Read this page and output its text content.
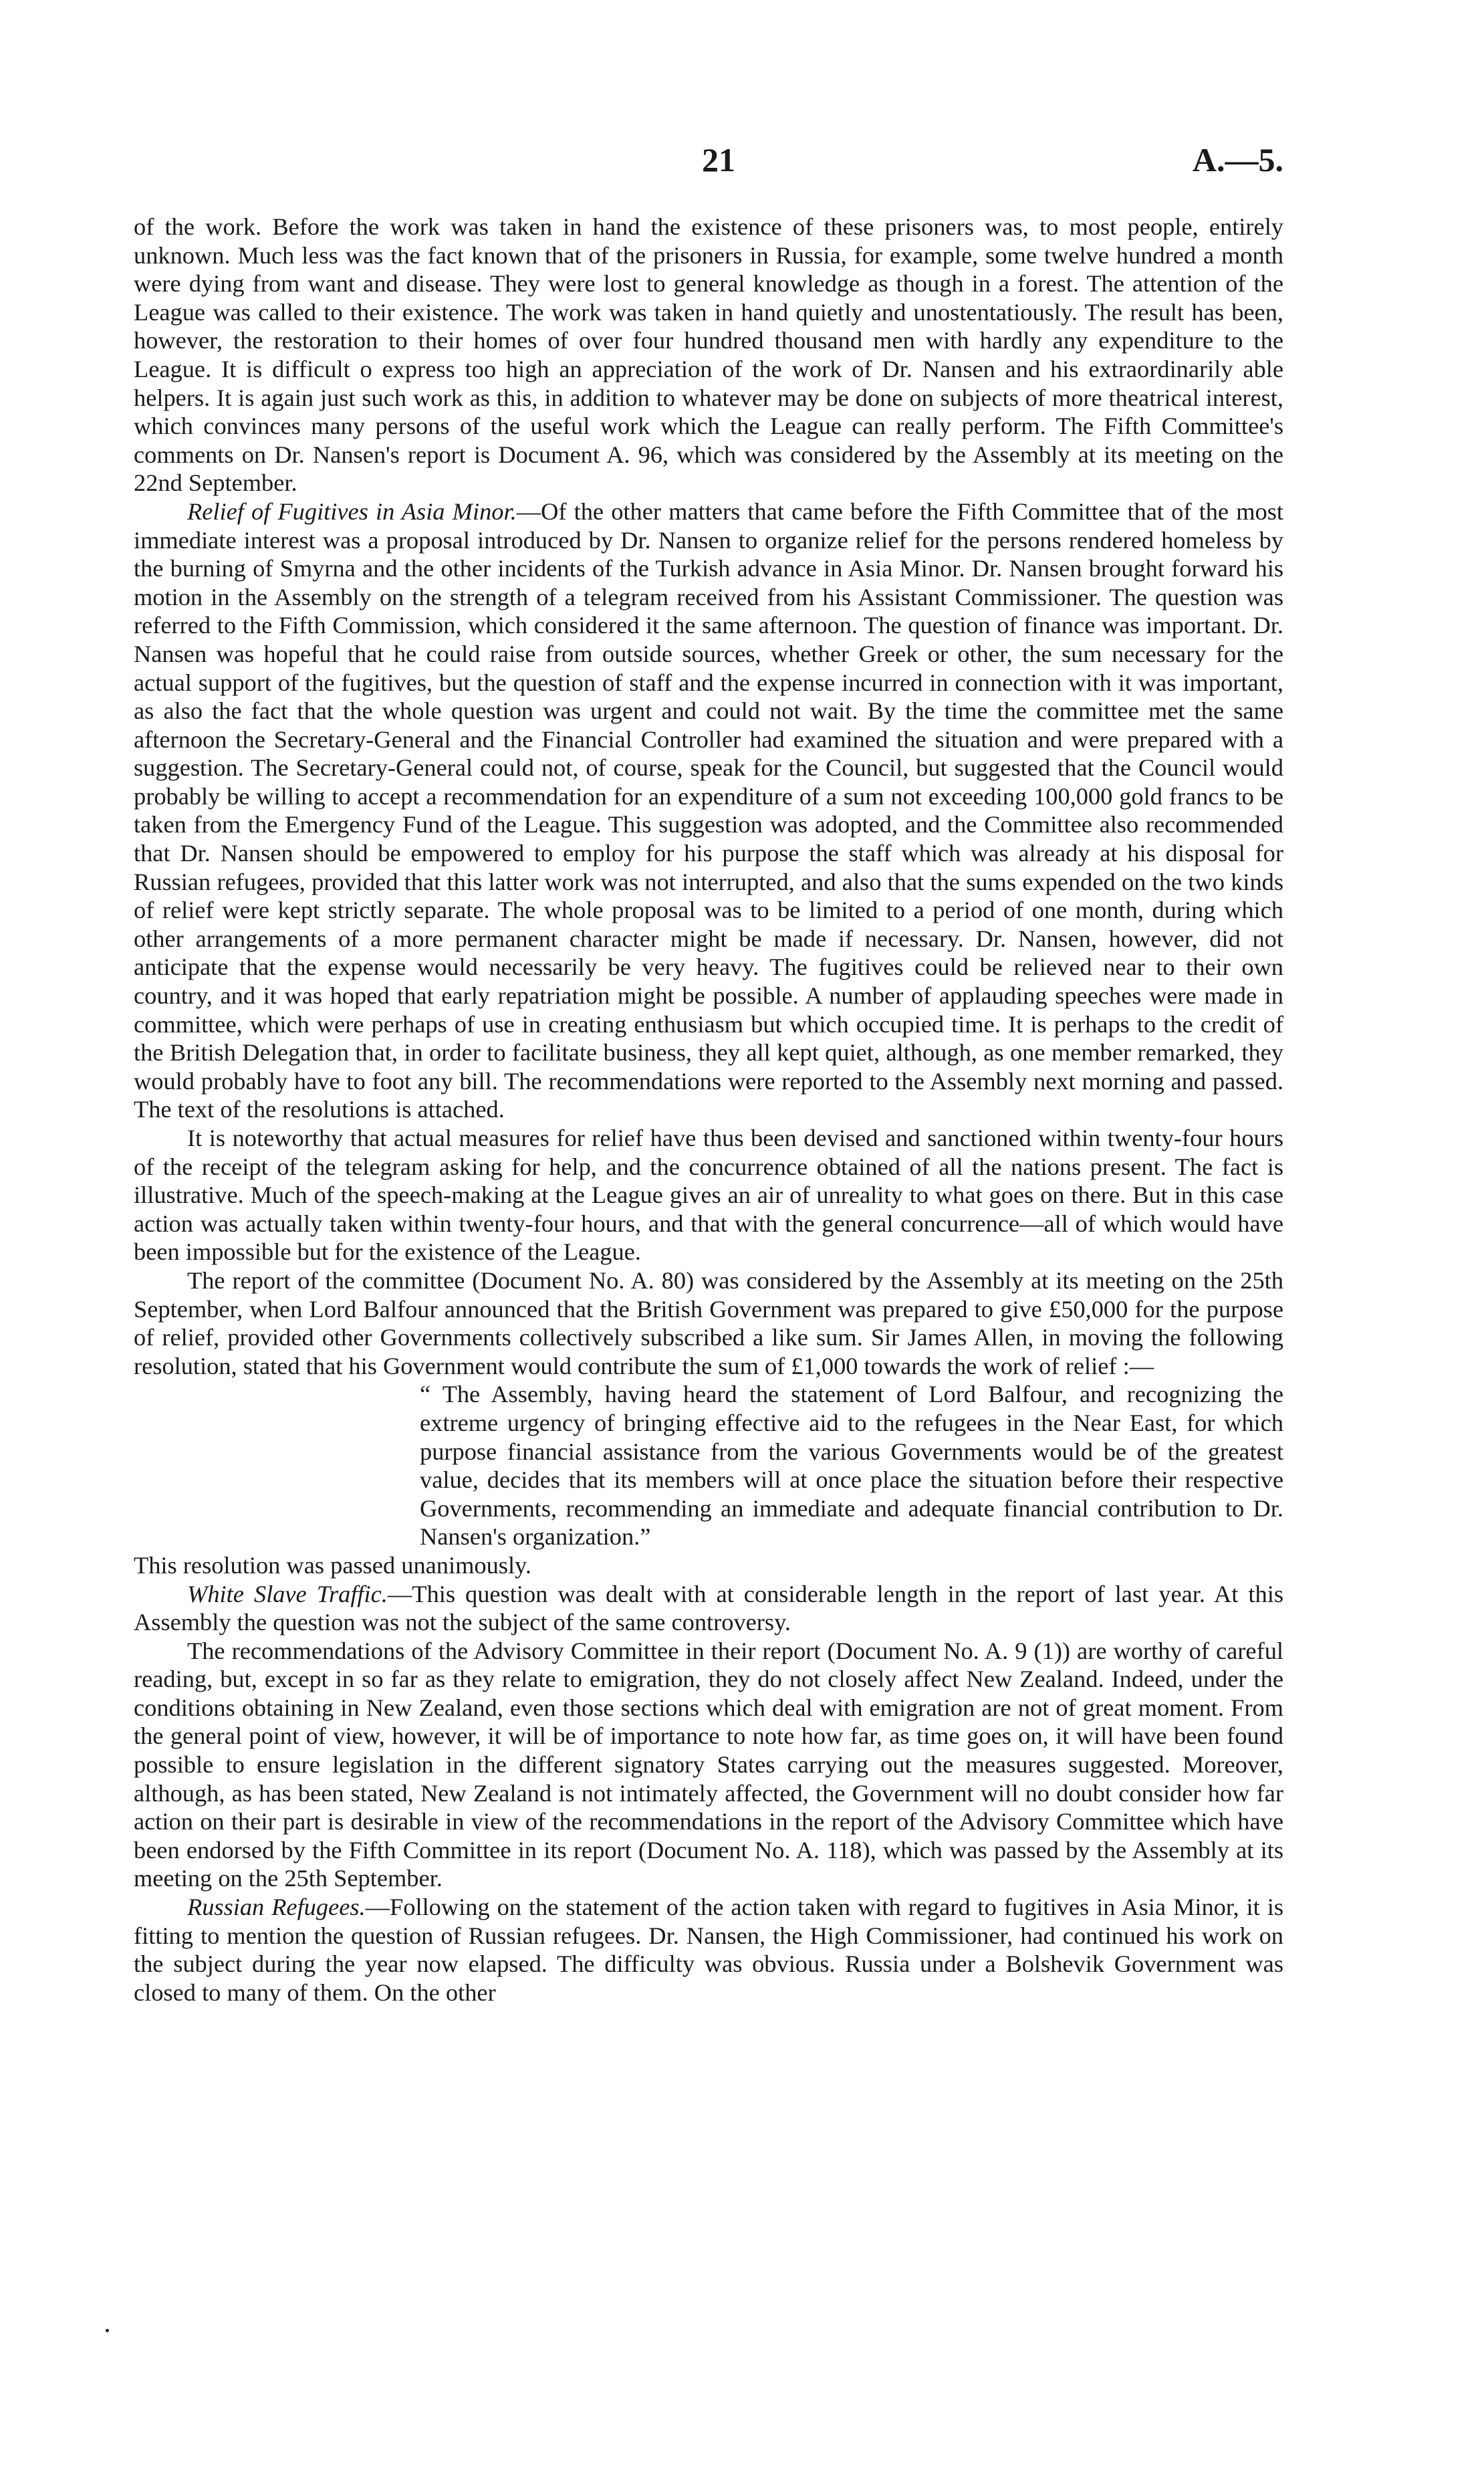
21	A.—5.

of the work. Before the work was taken in hand the existence of these prisoners was, to most people, entirely unknown. Much less was the fact known that of the prisoners in Russia, for example, some twelve hundred a month were dying from want and disease. They were lost to general knowledge as though in a forest. The attention of the League was called to their existence. The work was taken in hand quietly and unostentatiously. The result has been, however, the restoration to their homes of over four hundred thousand men with hardly any expenditure to the League. It is difficult o express too high an appreciation of the work of Dr. Nansen and his extraordinarily able helpers. It is again just such work as this, in addition to whatever may be done on subjects of more theatrical interest, which convinces many persons of the useful work which the League can really perform. The Fifth Committee's comments on Dr. Nansen's report is Document A. 96, which was considered by the Assembly at its meeting on the 22nd September.

Relief of Fugitives in Asia Minor.—Of the other matters that came before the Fifth Committee that of the most immediate interest was a proposal introduced by Dr. Nansen to organize relief for the persons rendered homeless by the burning of Smyrna and the other incidents of the Turkish advance in Asia Minor. Dr. Nansen brought forward his motion in the Assembly on the strength of a telegram received from his Assistant Commissioner. The question was referred to the Fifth Commission, which considered it the same afternoon. The question of finance was important. Dr. Nansen was hopeful that he could raise from outside sources, whether Greek or other, the sum necessary for the actual support of the fugitives, but the question of staff and the expense incurred in connection with it was important, as also the fact that the whole question was urgent and could not wait. By the time the committee met the same afternoon the Secretary-General and the Financial Controller had examined the situation and were prepared with a suggestion. The Secretary-General could not, of course, speak for the Council, but suggested that the Council would probably be willing to accept a recommendation for an expenditure of a sum not exceeding 100,000 gold francs to be taken from the Emergency Fund of the League. This suggestion was adopted, and the Committee also recommended that Dr. Nansen should be empowered to employ for his purpose the staff which was already at his disposal for Russian refugees, provided that this latter work was not interrupted, and also that the sums expended on the two kinds of relief were kept strictly separate. The whole proposal was to be limited to a period of one month, during which other arrangements of a more permanent character might be made if necessary. Dr. Nansen, however, did not anticipate that the expense would necessarily be very heavy. The fugitives could be relieved near to their own country, and it was hoped that early repatriation might be possible. A number of applauding speeches were made in committee, which were perhaps of use in creating enthusiasm but which occupied time. It is perhaps to the credit of the British Delegation that, in order to facilitate business, they all kept quiet, although, as one member remarked, they would probably have to foot any bill. The recommendations were reported to the Assembly next morning and passed. The text of the resolutions is attached.

It is noteworthy that actual measures for relief have thus been devised and sanctioned within twenty-four hours of the receipt of the telegram asking for help, and the concurrence obtained of all the nations present. The fact is illustrative. Much of the speech-making at the League gives an air of unreality to what goes on there. But in this case action was actually taken within twenty-four hours, and that with the general concurrence—all of which would have been impossible but for the existence of the League.

The report of the committee (Document No. A. 80) was considered by the Assembly at its meeting on the 25th September, when Lord Balfour announced that the British Government was prepared to give £50,000 for the purpose of relief, provided other Governments collectively subscribed a like sum. Sir James Allen, in moving the following resolution, stated that his Government would contribute the sum of £1,000 towards the work of relief :—

“ The Assembly, having heard the statement of Lord Balfour, and recognizing the extreme urgency of bringing effective aid to the refugees in the Near East, for which purpose financial assistance from the various Governments would be of the greatest value, decides that its members will at once place the situation before their respective Governments, recommending an immediate and adequate financial contribution to Dr. Nansen's organization.”

This resolution was passed unanimously.

White Slave Traffic.—This question was dealt with at considerable length in the report of last year. At this Assembly the question was not the subject of the same controversy.

The recommendations of the Advisory Committee in their report (Document No. A. 9 (1)) are worthy of careful reading, but, except in so far as they relate to emigration, they do not closely affect New Zealand. Indeed, under the conditions obtaining in New Zealand, even those sections which deal with emigration are not of great moment. From the general point of view, however, it will be of importance to note how far, as time goes on, it will have been found possible to ensure legislation in the different signatory States carrying out the measures suggested. Moreover, although, as has been stated, New Zealand is not intimately affected, the Government will no doubt consider how far action on their part is desirable in view of the recommendations in the report of the Advisory Committee which have been endorsed by the Fifth Committee in its report (Document No. A. 118), which was passed by the Assembly at its meeting on the 25th September.

Russian Refugees.—Following on the statement of the action taken with regard to fugitives in Asia Minor, it is fitting to mention the question of Russian refugees. Dr. Nansen, the High Commissioner, had continued his work on the subject during the year now elapsed. The difficulty was obvious. Russia under a Bolshevik Government was closed to many of them. On the other
